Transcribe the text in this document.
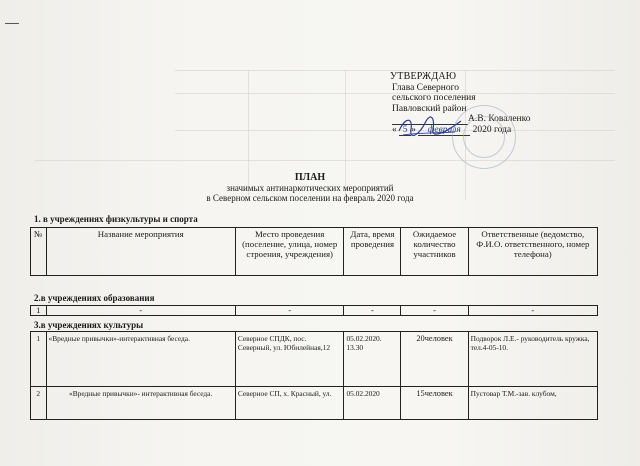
УТВЕРЖДАЮ
Глава Северного
сельского поселения
Павловский район
А.В. Коваленко
« 5 » февраля 2020 года
ПЛАН
значимых антинаркотических мероприятий
в Северном сельском поселении на февраль 2020 года
1. в учреждениях физкультуры и спорта
№	Название мероприятия	Место проведения (поселение, улица, номер строения, учреждения)	Дата, время проведения	Ожидаемое количество участников	Ответственные (ведомство, Ф.И.О. ответственного, номер телефона)
2.в учреждениях образования
1	-	-	-	-	-
3.в учреждениях культуры
1	«Вредные привычки»-интерактивная беседа.	Северное СПДК, пос. Северный, ул. Юбилейная,12	05.02.2020. 13.30	20человек	Подворок Л.Е.- руководитель кружка, тел.4-05-10.
2	«Вредные привычки»- интерактивная беседа.	Северное СП, х. Красный, ул.	05.02.2020	15человек	Пустовар Т.М.-зав. клубом,
